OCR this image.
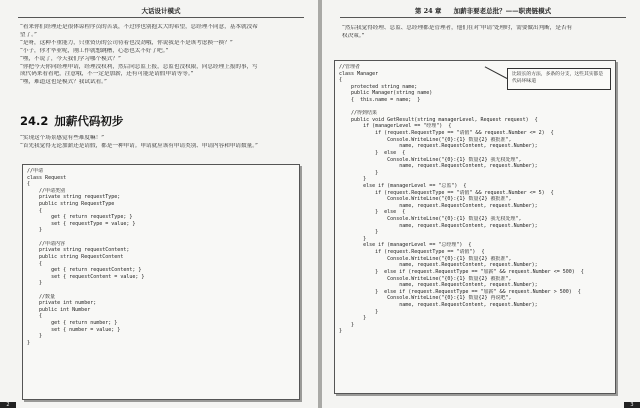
大话设计模式
“看来你们经理还是很体谅程序员的苦衷，不过你也别抱太大的希望，总经理不同意，基本就没希
望了。”
“是呀，这种不重能力，只重资历的公司待着也没劲哦，你说我是不是该考虑换一换？”
“小子，你才毕业呢，刚工作就想跳槽，心态也太不好了吧。”
“嘿，不说了，今天我们学习哪个模式？”
“你把今天你向经理申请，经理没权利，然后向总监上报，总监也没权限，向总经理上报的事，写
成代码来看看吧，注意哦，不一定是加薪，还有可能是请假申请等等。”
“嘿，难道这也是模式？我试试看。”
24.2 加薪代码初步
“实现这个场景感觉有些难度嘛！”
“首先我觉得无论加薪还是请假，都是一种申请。申请就应该有申请类别、申请内容和申请数量。”
//申请
class Request
{
//申请类别
private string requestType;
public string RequestType
{
get { return requestType; }
set { requestType = value; }
}
//申请内容
private string requestContent;
public string RequestContent
{
get { return requestContent; }
set { requestContent = value; }
}
//数量
private int number;
public int Number
{
get { return number; }
set { number = value; }
}
}
2
第 24 章 加薪非要老总批？——职责链模式
“然后我觉得经理、总监、总经理都是管理者，他们在对‘申请’处理时，需要做出判断，是否有
权决策。”
3
//管理者
class Manager
{
protected string name;
public Manager(string name)
{  this.name = name;  }
//得到结果
public void GetResult(string managerLevel, Request request)  {
if (managerLevel == "经理")  {
if (request.RequestType == "请假" && request.Number <= 2)  {
Console.WriteLine("{0}:{1} 数量{2} 被批准",
name, request.RequestContent, request.Number);
}  else  {
Console.WriteLine("{0}:{1} 数量{2} 我无权处理",
name, request.RequestContent, request.Number);
}
}
else if (managerLevel == "总监")  {
if (request.RequestType == "请假" && request.Number <= 5)  {
Console.WriteLine("{0}:{1} 数量{2} 被批准",
name, request.RequestContent, request.Number);
}  else  {
Console.WriteLine("{0}:{1} 数量{2} 我无权处理",
name, request.RequestContent, request.Number);
}
}
else if (managerLevel == "总经理")  {
if (request.RequestType == "请假")  {
Console.WriteLine("{0}:{1} 数量{2} 被批准",
name, request.RequestContent, request.Number);
}  else if (request.RequestType == "加薪" && request.Number <= 500)  {
Console.WriteLine("{0}:{1} 数量{2} 被批准",
name, request.RequestContent, request.Number);
}  else if (request.RequestType == "加薪" && request.Number > 500)  {
Console.WriteLine("{0}:{1} 数量{2} 再说吧",
name, request.RequestContent, request.Number);
}
}
}
}
比较长的方法，多条的分支，这些其实都是代码坏味道
